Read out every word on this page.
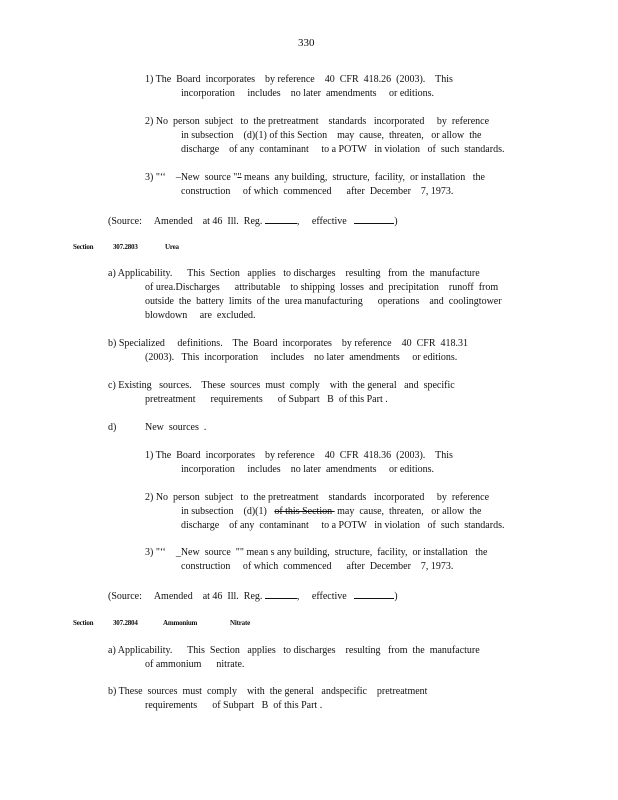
330
1) The  Board  incorporates    by reference    40  CFR  418.26  (2003).    This
incorporation     includes    no later  amendments     or editions.
2) No  person  subject   to  the pretreatment    standards   incorporated     by  reference
in subsection    (d)(1) of this Section    may  cause,  threaten,   or allow  the
discharge    of any  contaminant     to a POTW   in violation   of  such  standards.
3) "‘‘    –New  source "" means  any building,  structure,  facility,  or installation   the
construction     of which  commenced      after  December    7, 1973.
(Source:     Amended    at 46  Ill.  Reg.	,     effective	)
Section	307.2803	Urea
a) Applicability.      This  Section   applies   to discharges    resulting   from  the  manufacture
of urea.Discharges      attributable    to shipping  losses  and  precipitation    runoff  from
outside  the  battery  limits  of the  urea manufacturing      operations    and  coolingtower
blowdown     are  excluded.
b) Specialized     definitions.    The  Board  incorporates    by reference    40  CFR  418.31
(2003).   This  incorporation     includes    no later  amendments     or editions.
c) Existing   sources.    These  sources  must  comply    with  the general   and  specific
pretreatment      requirements      of Subpart   B  of this Part .
d)	New  sources  .
1) The  Board  incorporates    by reference    40  CFR  418.36  (2003).    This
incorporation     includes    no later  amendments     or editions.
2) No  person  subject   to  the pretreatment    standards   incorporated     by  reference
in subsection    (d)(1)   of this Section  may  cause,  threaten,   or allow  the
discharge    of any  contaminant     to a POTW   in violation   of  such  standards.
3) "‘‘    _New  source  "" mean s any building,  structure,  facility,  or installation   the
construction     of which  commenced      after  December    7, 1973.
(Source:     Amended    at 46  Ill.  Reg.	,     effective	)
Section	307.2804	Ammonium	Nitrate
a) Applicability.      This  Section   applies   to discharges    resulting   from  the  manufacture
of ammonium      nitrate.
b) These  sources  must  comply    with  the general   andspecific    pretreatment
requirements      of Subpart   B  of this Part .
